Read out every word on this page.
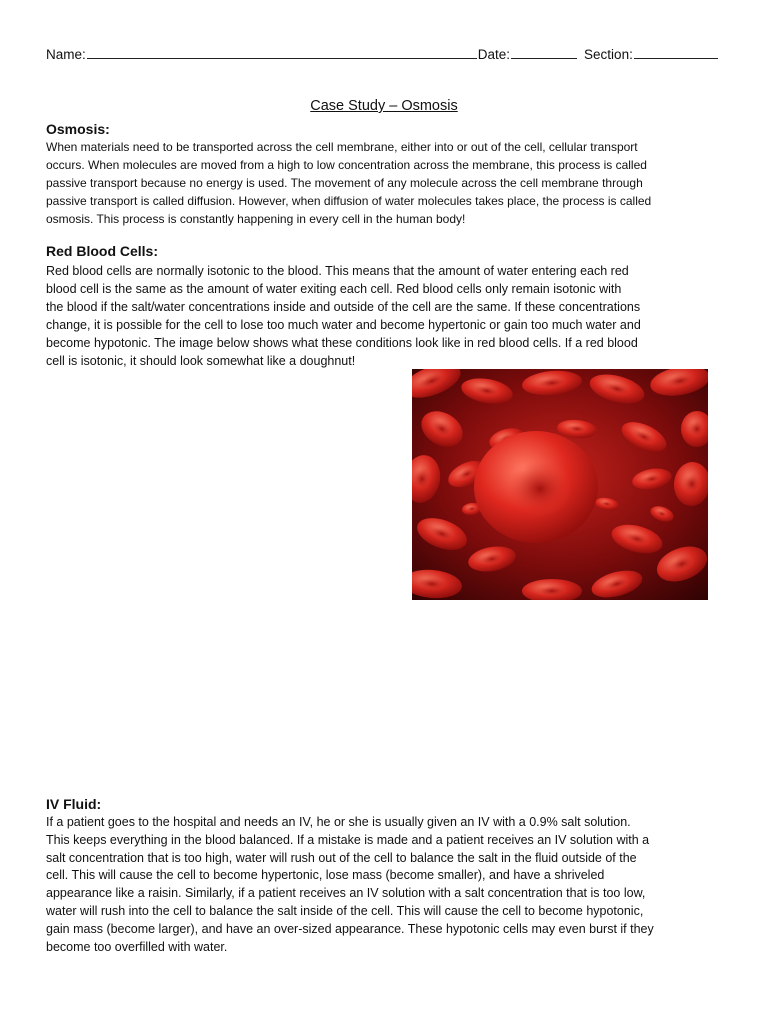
Name:	Date:	Section:
Case Study – Osmosis
Osmosis:
When materials need to be transported across the cell membrane, either into or out of the cell, cellular transport
occurs. When molecules are moved from a high to low concentration across the membrane, this process is called
passive transport because no energy is used. The movement of any molecule across the cell membrane through
passive transport is called diffusion. However, when diffusion of water molecules takes place, the process is called
osmosis. This process is constantly happening in every cell in the human body!
Red Blood Cells:
Red blood cells are normally isotonic to the blood. This means that the amount of water entering each red
blood cell is the same as the amount of water exiting each cell. Red blood cells only remain isotonic with
the blood if the salt/water concentrations inside and outside of the cell are the same. If these concentrations
change, it is possible for the cell to lose too much water and become hypertonic or gain too much water and
become hypotonic. The image below shows what these conditions look like in red blood cells. If a red blood
cell is isotonic, it should look somewhat like a doughnut!
IV Fluid:
If a patient goes to the hospital and needs an IV, he or she is usually given an IV with a 0.9% salt solution.
This keeps everything in the blood balanced. If a mistake is made and a patient receives an IV solution with a
salt concentration that is too high, water will rush out of the cell to balance the salt in the fluid outside of the
cell. This will cause the cell to become hypertonic, lose mass (become smaller), and have a shriveled
appearance like a raisin. Similarly, if a patient receives an IV solution with a salt concentration that is too low,
water will rush into the cell to balance the salt inside of the cell. This will cause the cell to become hypotonic,
gain mass (become larger), and have an over-sized appearance. These hypotonic cells may even burst if they
become too overfilled with water.
